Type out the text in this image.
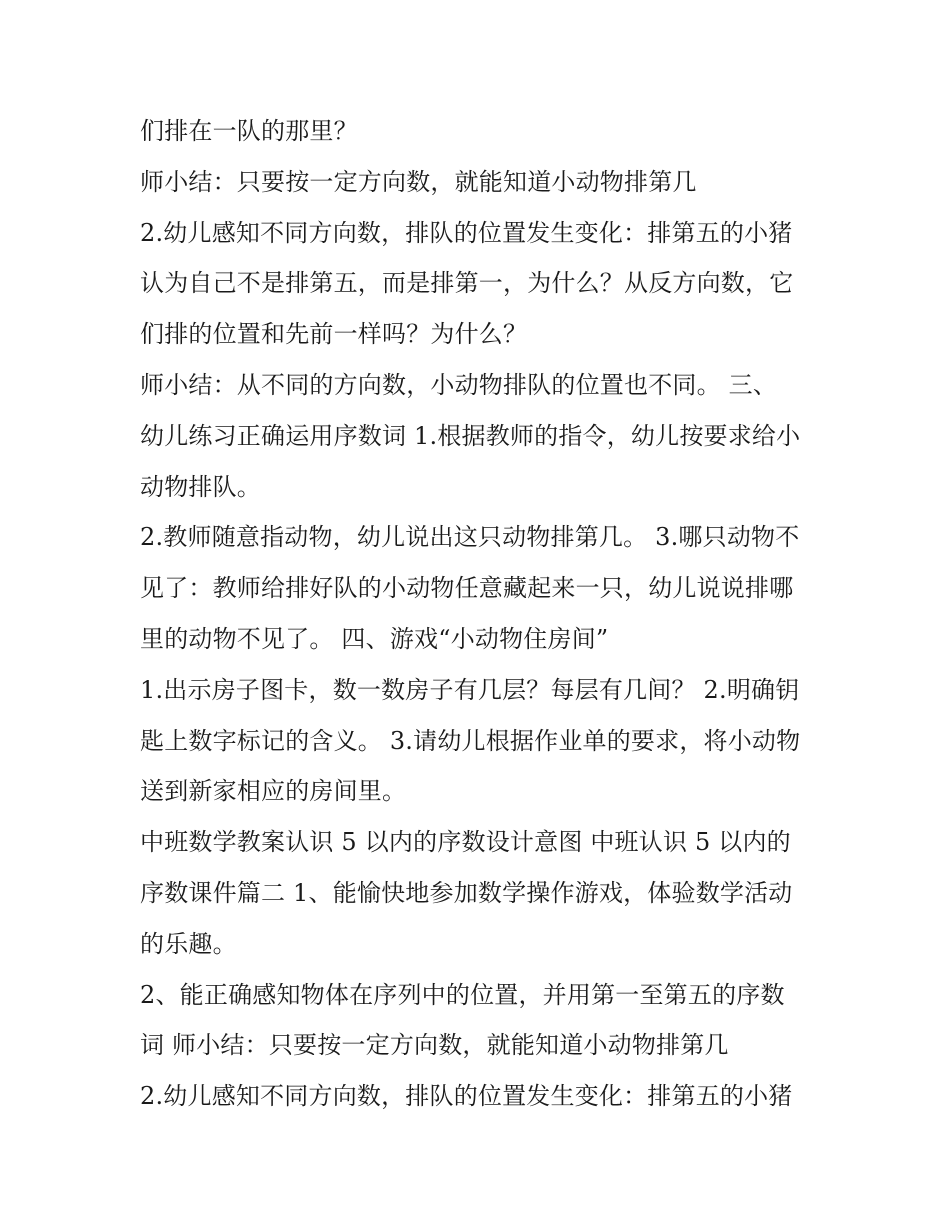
们排在一队的那里？
师小结：只要按一定方向数，就能知道小动物排第几
2.幼儿感知不同方向数，排队的位置发生变化：排第五的小猪
认为自己不是排第五，而是排第一，为什么？从反方向数，它
们排的位置和先前一样吗？为什么？
师小结：从不同的方向数，小动物排队的位置也不同。 三、
幼儿练习正确运用序数词 1.根据教师的指令，幼儿按要求给小
动物排队。
2.教师随意指动物，幼儿说出这只动物排第几。 3.哪只动物不
见了：教师给排好队的小动物任意藏起来一只，幼儿说说排哪
里的动物不见了。 四、游戏“小动物住房间”
1.出示房子图卡，数一数房子有几层？每层有几间？ 2.明确钥
匙上数字标记的含义。 3.请幼儿根据作业单的要求，将小动物
送到新家相应的房间里。
中班数学教案认识 5 以内的序数设计意图 中班认识 5 以内的
序数课件篇二 1、能愉快地参加数学操作游戏，体验数学活动
的乐趣。
2、能正确感知物体在序列中的位置，并用第一至第五的序数
词 师小结：只要按一定方向数，就能知道小动物排第几
2.幼儿感知不同方向数，排队的位置发生变化：排第五的小猪
